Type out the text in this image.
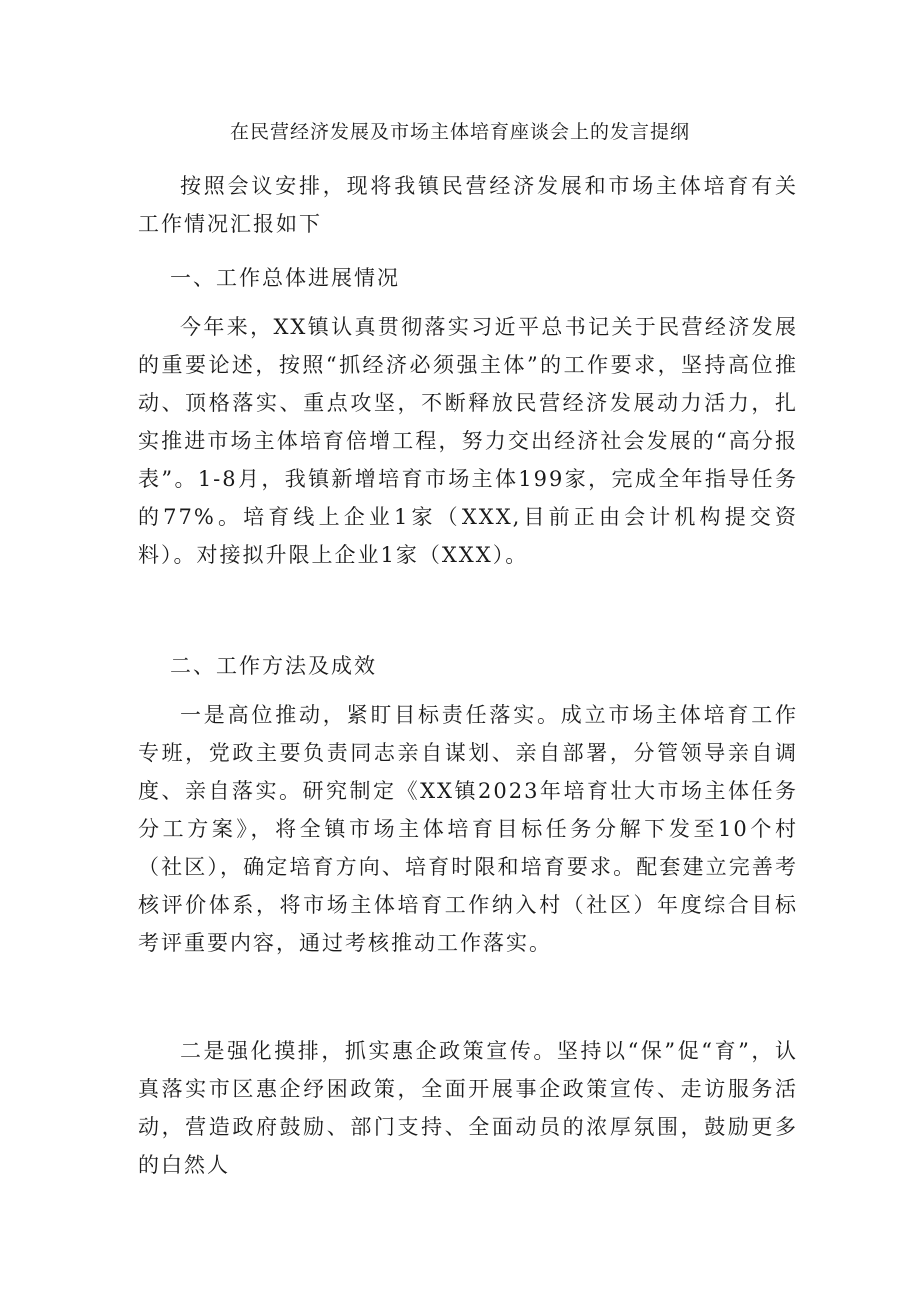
在民营经济发展及市场主体培育座谈会上的发言提纲

按照会议安排，现将我镇民营经济发展和市场主体培育有关工作情况汇报如下

一、工作总体进展情况

今年来，XX镇认真贯彻落实习近平总书记关于民营经济发展的重要论述，按照“抓经济必须强主体”的工作要求，坚持高位推动、顶格落实、重点攻坚，不断释放民营经济发展动力活力，扎实推进市场主体培育倍增工程，努力交出经济社会发展的“高分报表”。1-8月，我镇新增培育市场主体199家，完成全年指导任务的77%。培育线上企业1家（XXX,目前正由会计机构提交资料）。对接拟升限上企业1家（XXX）。

二、工作方法及成效

一是高位推动，紧盯目标责任落实。成立市场主体培育工作专班，党政主要负责同志亲自谋划、亲自部署，分管领导亲自调度、亲自落实。研究制定《XX镇2023年培育壮大市场主体任务分工方案》，将全镇市场主体培育目标任务分解下发至10个村（社区），确定培育方向、培育时限和培育要求。配套建立完善考核评价体系，将市场主体培育工作纳入村（社区）年度综合目标考评重要内容，通过考核推动工作落实。

二是强化摸排，抓实惠企政策宣传。坚持以“保”促“育”，认真落实市区惠企纾困政策，全面开展事企政策宣传、走访服务活动，营造政府鼓励、部门支持、全面动员的浓厚氛围，鼓励更多的白然人
